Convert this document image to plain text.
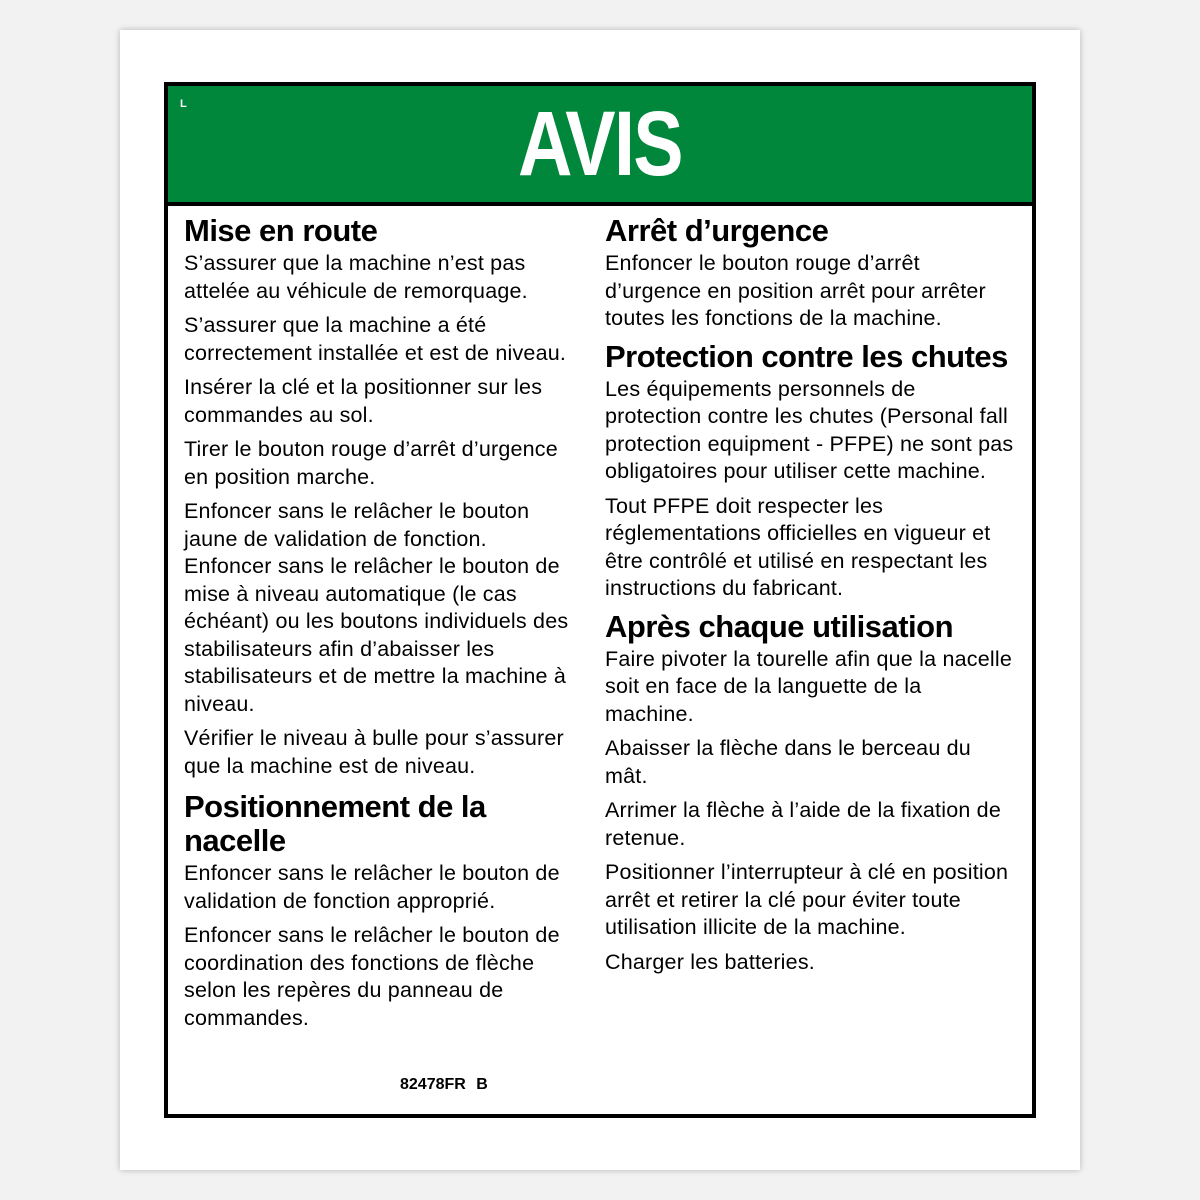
L	AVIS
Mise en route

S’assurer que la machine n’est pas attelée au véhicule de remorquage.

S’assurer que la machine a été correctement installée et est de niveau.

Insérer la clé et la positionner sur les commandes au sol.

Tirer le bouton rouge d’arrêt d’urgence en position marche.

Enfoncer sans le relâcher le bouton jaune de validation de fonction.

Enfoncer sans le relâcher le bouton de mise à niveau automatique (le cas échéant) ou les boutons individuels des stabilisateurs afin d’abaisser les stabilisateurs et de mettre la machine à niveau.

Vérifier le niveau à bulle pour s’assurer que la machine est de niveau.

Positionnement de la nacelle

Enfoncer sans le relâcher le bouton de validation de fonction approprié.

Enfoncer sans le relâcher le bouton de coordination des fonctions de flèche selon les repères du panneau de commandes.

Arrêt d’urgence

Enfoncer le bouton rouge d’arrêt d’urgence en position arrêt pour arrêter toutes les fonctions de la machine.

Protection contre les chutes

Les équipements personnels de protection contre les chutes (Personal fall protection equipment - PFPE) ne sont pas obligatoires pour utiliser cette machine.

Tout PFPE doit respecter les réglementations officielles en vigueur et être contrôlé et utilisé en respectant les instructions du fabricant.

Après chaque utilisation

Faire pivoter la tourelle afin que la nacelle soit en face de la languette de la machine.

Abaisser la flèche dans le berceau du mât.

Arrimer la flèche à l’aide de la fixation de retenue.

Positionner l’interrupteur à clé en position arrêt et retirer la clé pour éviter toute utilisation illicite de la machine.

Charger les batteries.

82478FR B
